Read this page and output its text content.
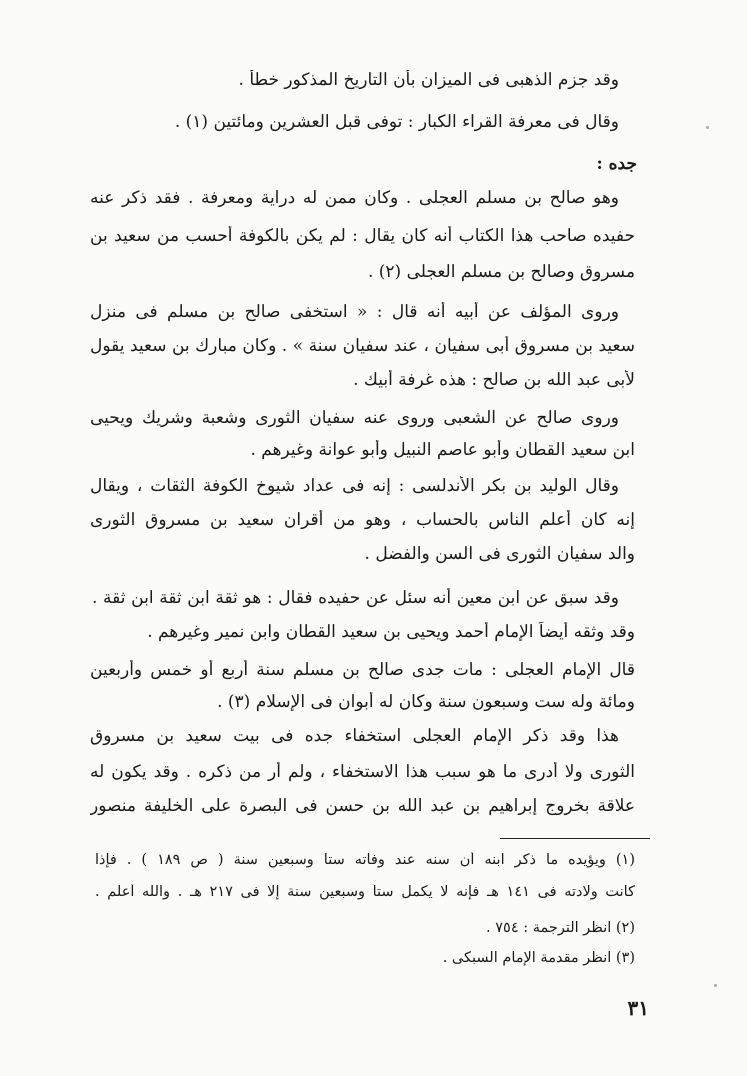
وقد جزم الذهبى فى الميزان بأن التاريخ المذكور خطأ .
وقال فى معرفة القراء الكبار : توفى قبل العشرين ومائتين (١) .
جده :
وهو صالح بن مسلم العجلى . وكان ممن له دراية ومعرفة . فقد ذكر عنه
حفيده صاحب هذا الكتاب أنه كان يقال : لم يكن بالكوفة أحسب من سعيد بن
مسروق وصالح بن مسلم العجلى (٢) .
وروى المؤلف عن أبيه أنه قال : « استخفى صالح بن مسلم فى منزل
سعيد بن مسروق أبى سفيان ، عند سفيان سنة » . وكان مبارك بن سعيد يقول
لأبى عبد الله بن صالح : هذه غرفة أبيك .
وروى صالح عن الشعبى وروى عنه سفيان الثورى وشعبة وشريك ويحيى
ابن سعيد القطان وأبو عاصم النبيل وأبو عوانة وغيرهم .
وقال الوليد بن بكر الأندلسى : إنه فى عداد شيوخ الكوفة الثقات ، ويقال
إنه كان أعلم الناس بالحساب ، وهو من أقران سعيد بن مسروق الثورى
والد سفيان الثورى فى السن والفضل .
وقد سبق عن ابن معين أنه سئل عن حفيده فقال : هو ثقة ابن ثقة ابن ثقة .
وقد وثقه أيضاً الإمام أحمد ويحيى بن سعيد القطان وابن نمير وغيرهم .
قال الإمام العجلى : مات جدى صالح بن مسلم سنة أربع أو خمس وأربعين
ومائة وله ست وسبعون سنة وكان له أبوان فى الإسلام (٣) .
هذا وقد ذكر الإمام العجلى استخفاء جده فى بيت سعيد بن مسروق
الثورى ولا أدرى ما هو سبب هذا الاستخفاء ، ولم أر من ذكره . وقد يكون له
علاقة بخروج إبراهيم بن عبد الله بن حسن فى البصرة على الخليفة منصور
(١) ويؤيده ما ذكر ابنه أن سنه عند وفاته ستا وسبعين سنة ( ص ١٨٩ ) . فإذا
كانت ولادته فى ١٤١ هـ فإنه لا يكمل ستاً وسبعين سنة إلا فى ٢١٧ هـ . والله أعلم .
(٢) انظر الترجمة : ٧٥٤ .
(٣) انظر مقدمة الإمام السبكى .
٣١
